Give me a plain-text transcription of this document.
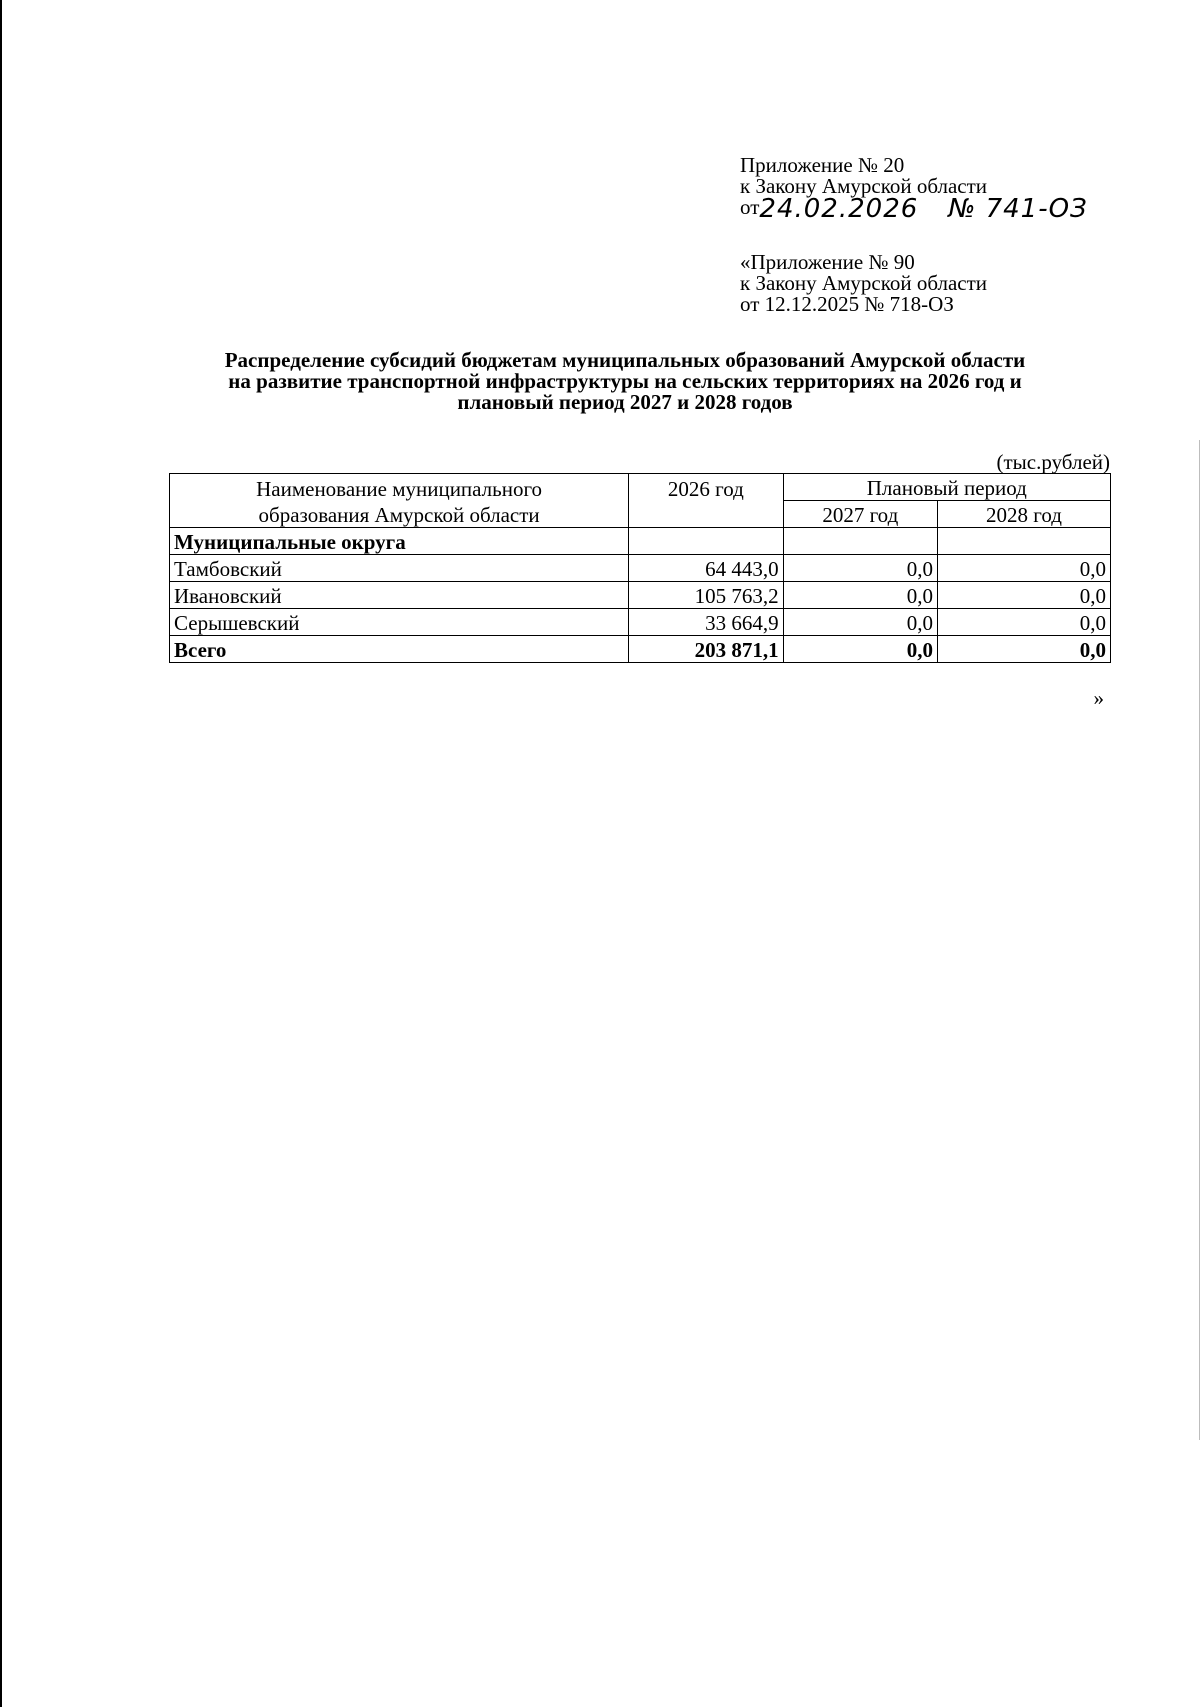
Приложение № 20
к Закону Амурской области
от24.02.2026 № 741-ОЗ
«Приложение № 90
к Закону Амурской области
от 12.12.2025 № 718-ОЗ
Распределение субсидий бюджетам муниципальных образований Амурской области
на развитие транспортной инфраструктуры на сельских территориях на 2026 год и
плановый период 2027 и 2028 годов
(тыс.рублей)
Наименование муниципального	2026 год	Плановый период	
образования Амурской области		2027 год	2028 год
Муниципальные округа			
Тамбовский	64 443,0	0,0	0,0
Ивановский	105 763,2	0,0	0,0
Серышевский	33 664,9	0,0	0,0
Всего	203 871,1	0,0	0,0
»
